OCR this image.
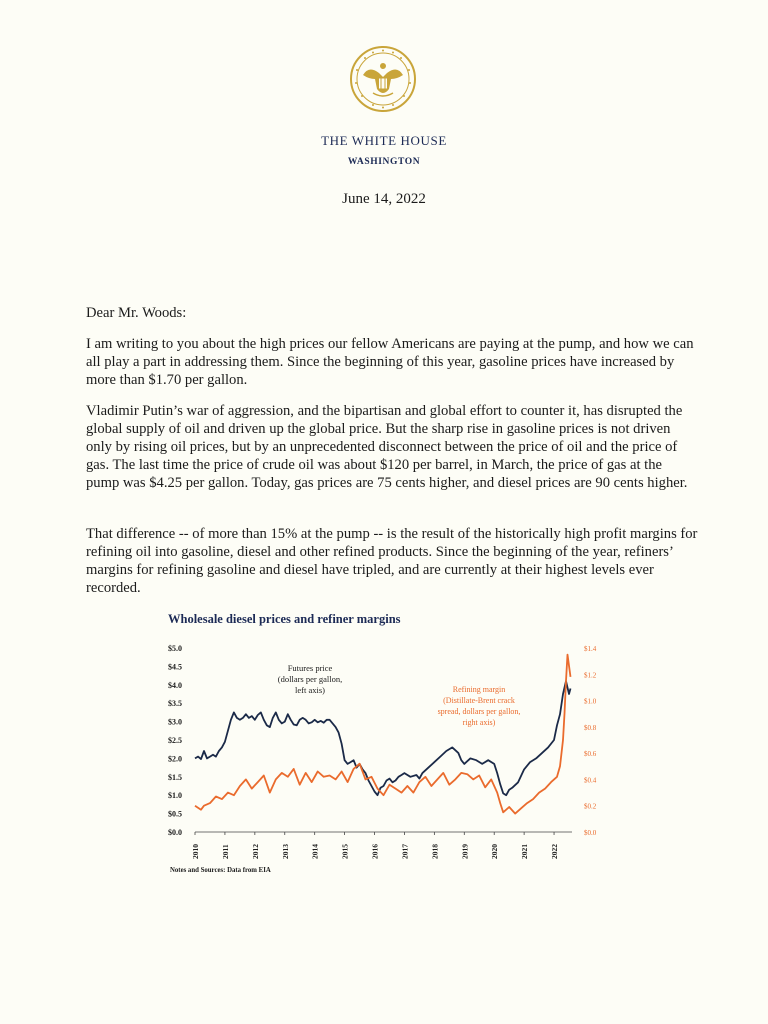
THE WHITE HOUSE
WASHINGTON
June 14, 2022
Dear Mr. Woods:
I am writing to you about the high prices our fellow Americans are paying at the pump, and how we can all play a part in addressing them. Since the beginning of this year, gasoline prices have increased by more than $1.70 per gallon.
Vladimir Putin’s war of aggression, and the bipartisan and global effort to counter it, has disrupted the global supply of oil and driven up the global price. But the sharp rise in gasoline prices is not driven only by rising oil prices, but by an unprecedented disconnect between the price of oil and the price of gas. The last time the price of crude oil was about $120 per barrel, in March, the price of gas at the pump was $4.25 per gallon. Today, gas prices are 75 cents higher, and diesel prices are 90 cents higher.
That difference -- of more than 15% at the pump -- is the result of the historically high profit margins for refining oil into gasoline, diesel and other refined products. Since the beginning of the year, refiners’ margins for refining gasoline and diesel have tripled, and are currently at their highest levels ever recorded.
Wholesale diesel prices and refiner margins
$0.0
$0.5
$1.0
$1.5
$2.0
$2.5
$3.0
$3.5
$4.0
$4.5
$5.0
$0.0
$0.2
$0.4
$0.6
$0.8
$1.0
$1.2
$1.4
2010	2011	2012	2013	2014	2015	2016	2017	2018	2019	2020	2021	2022
Futures price
(dollars per gallon,
left axis)	Refining margin
(Distillate-Brent crack
spread, dollars per gallon,
right axis)
Notes and Sources: Data from EIA
